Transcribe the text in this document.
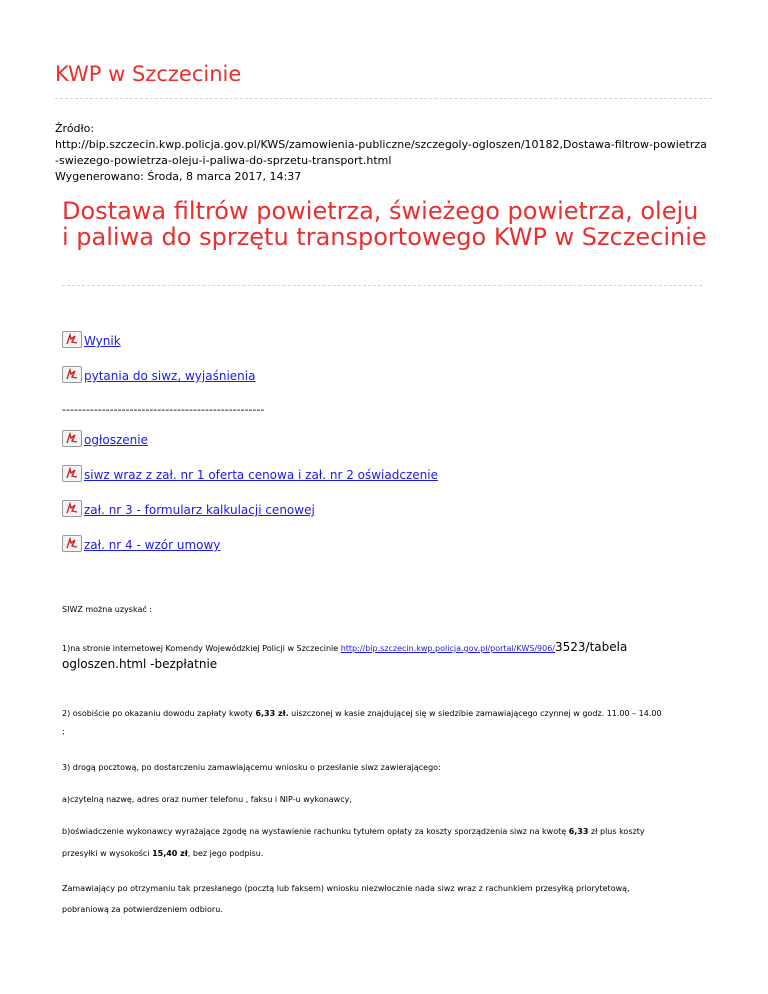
KWP w Szczecinie
Źródło:
http://bip.szczecin.kwp.policja.gov.pl/KWS/zamowienia-publiczne/szczegoly-ogloszen/10182,Dostawa-filtrow-powietrza
-swiezego-powietrza-oleju-i-paliwa-do-sprzetu-transport.html
Wygenerowano: Środa, 8 marca 2017, 14:37
Dostawa filtrów powietrza, świeżego powietrza, oleju i paliwa do sprzętu transportowego KWP w Szczecinie
Wynik
pytania do siwz, wyjaśnienia
---------------------------------------------------
ogłoszenie
siwz wraz z zał. nr 1 oferta cenowa i zał. nr 2 oświadczenie
zał. nr 3 - formularz kalkulacji cenowej
zał. nr 4 - wzór umowy
SIWZ można uzyskać :
1)na stronie internetowej Komendy Wojewódzkiej Policji w Szczecinie http://bip.szczecin.kwp.policja.gov.pl/portal/KWS/906/3523/tabela
ogloszen.html -bezpłatnie
2) osobiście po okazaniu dowodu zapłaty kwoty 6,33 zł. uiszczonej w kasie znajdującej się w siedzibie zamawiającego czynnej w godz. 11.00 – 14.00
;
3) drogą pocztową, po dostarczeniu zamawiającemu wniosku o przesłanie siwz zawierającego:
a)czytelną nazwę, adres oraz numer telefonu , faksu i NIP-u wykonawcy,
b)oświadczenie wykonawcy wyrażające zgodę na wystawienie rachunku tytułem opłaty za koszty sporządzenia siwz na kwotę 6,33 zł plus koszty
przesyłki w wysokości 15,40 zł, bez jego podpisu.
Zamawiający po otrzymaniu tak przesłanego (pocztą lub faksem) wniosku niezwłocznie nada siwz wraz z rachunkiem przesyłką priorytetową,
pobraniową za potwierdzeniem odbioru.
